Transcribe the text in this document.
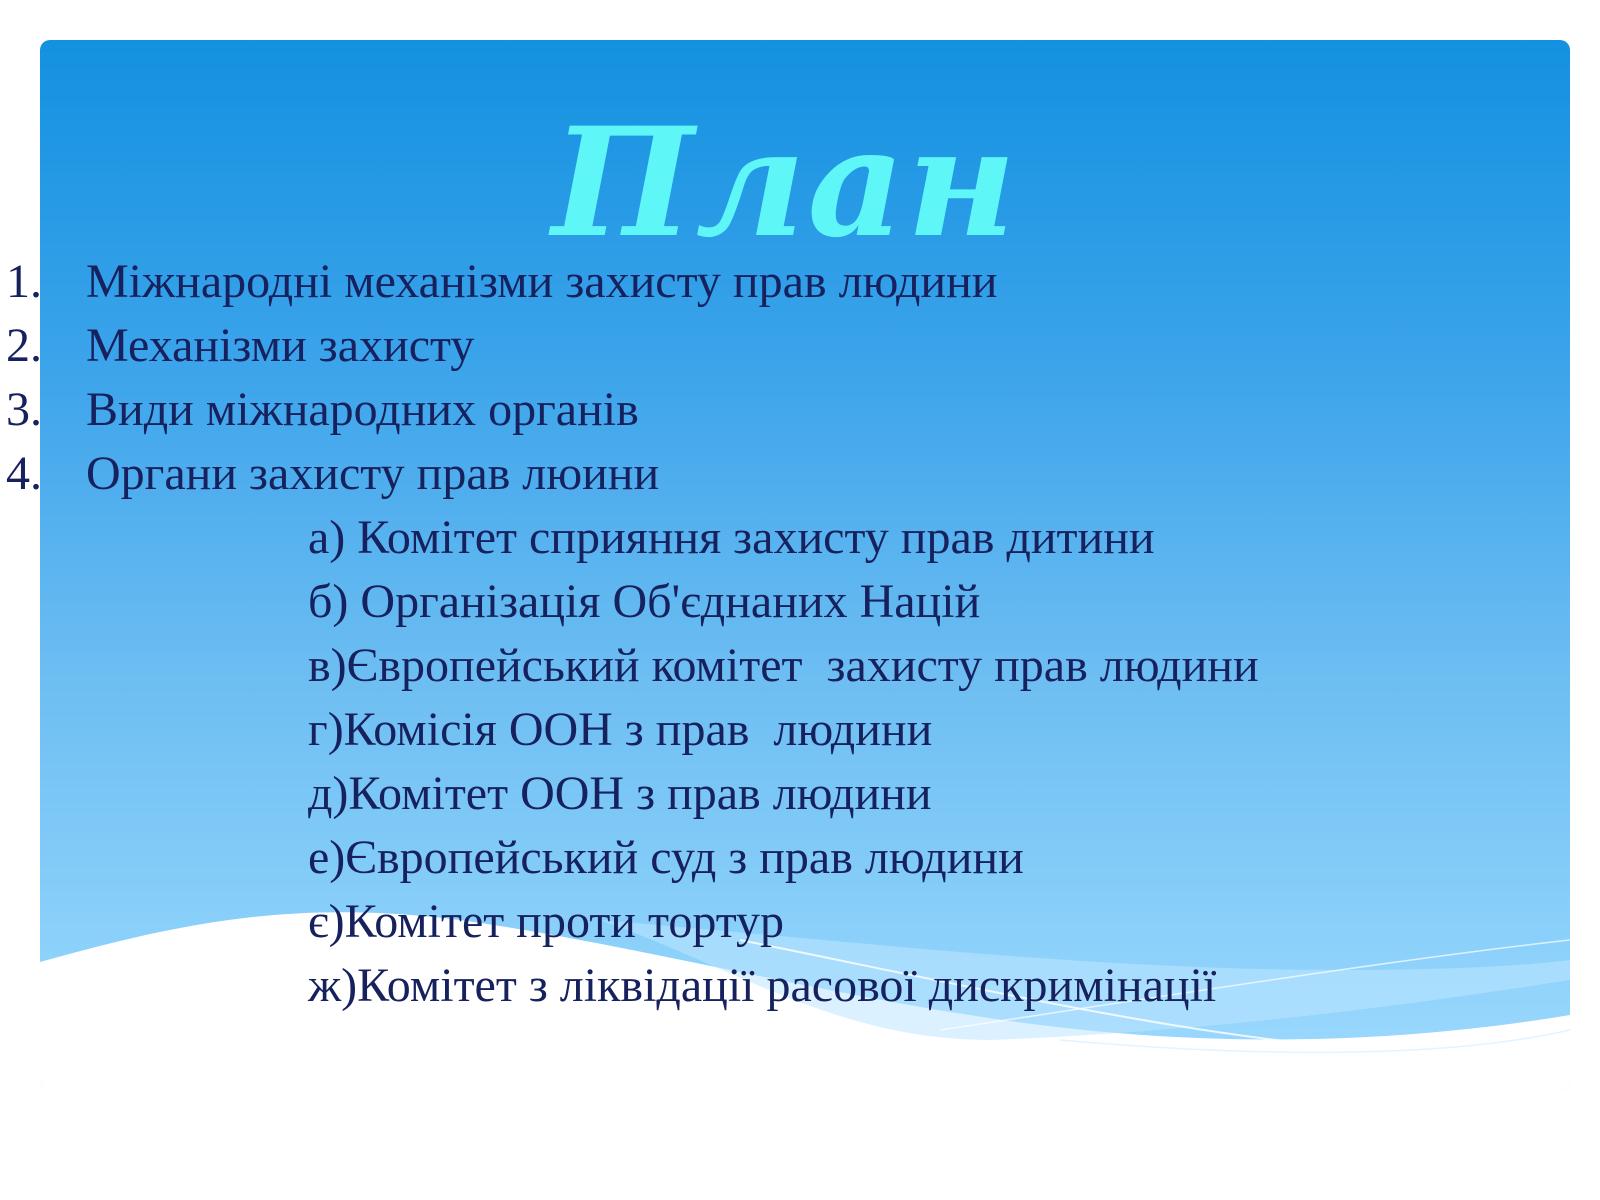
План

1.

Міжнародні механізми захисту прав людини

2.

Механізми захисту

3.

Види міжнародних органів

4.

Органи захисту прав люини

а) Комітет сприяння захисту прав дитини

б) Організація Об'єднаних Націй

в)Європейський комітет  захисту прав людини

г)Комісія ООН з прав  людини

д)Комітет ООН з прав людини

е)Європейський суд з прав людини

є)Комітет проти тортур

ж)Комітет з ліквідації расової дискримінації
